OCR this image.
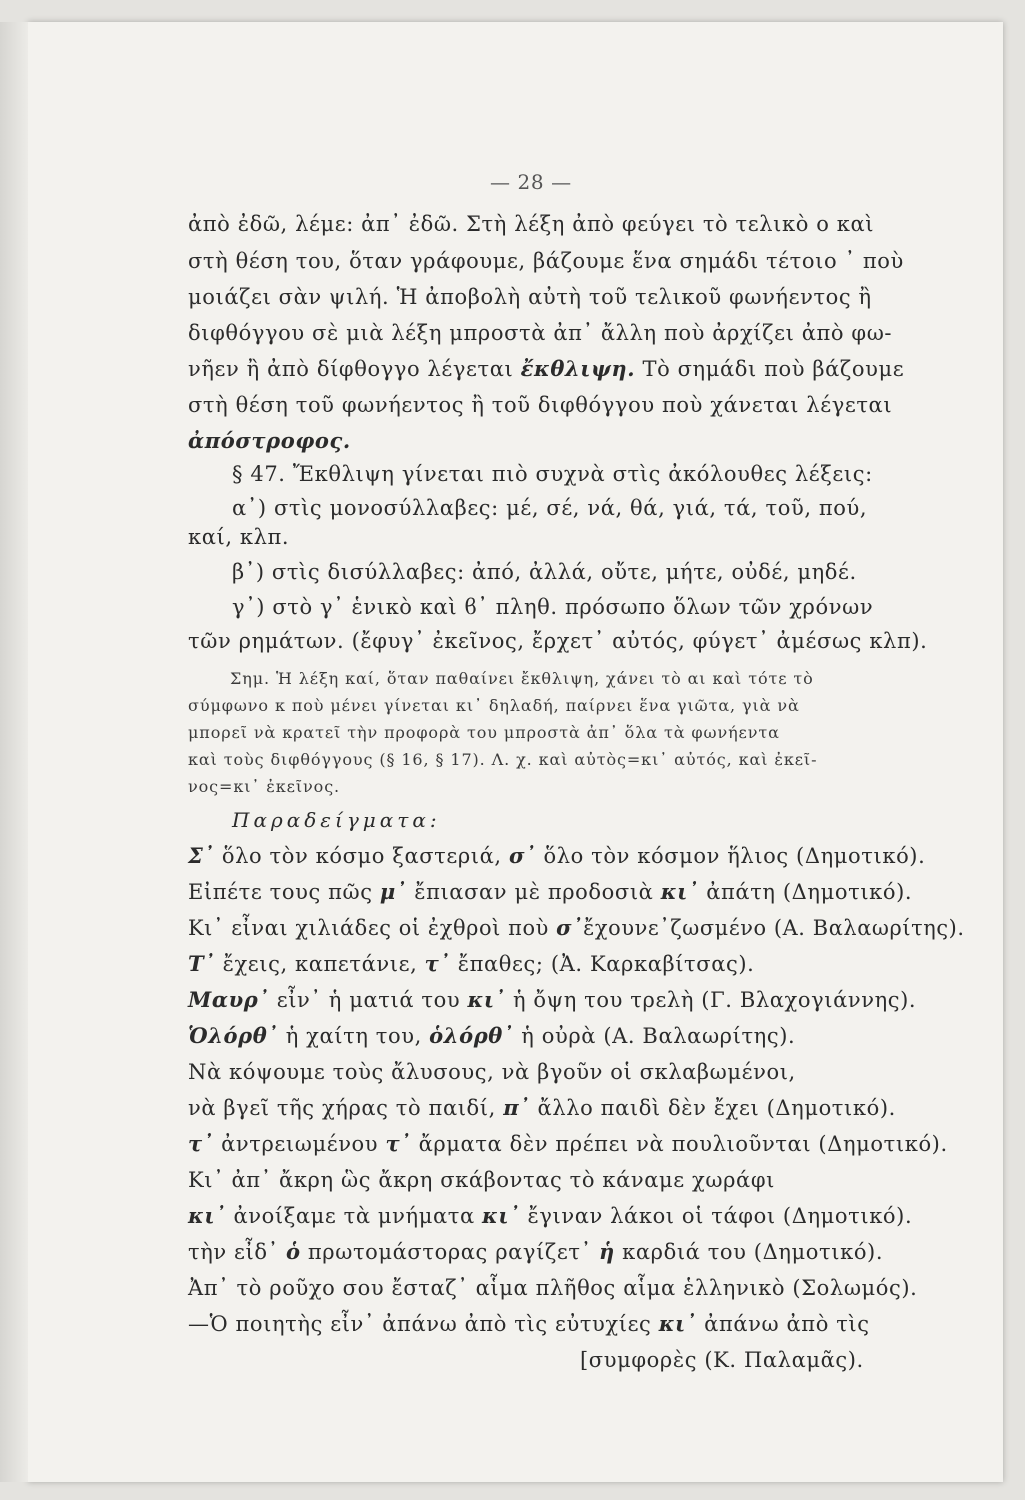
— 28 —
ἀπὸ ἐδῶ, λέμε: ἀπ᾽ ἐδῶ. Στὴ λέξη ἀπὸ φεύγει τὸ τελικὸ ο καὶ
στὴ θέση του, ὅταν γράφουμε, βάζουμε ἕνα σημάδι τέτοιο ᾽ ποὺ
μοιάζει σὰν ψιλή. Ἡ ἀποβολὴ αὐτὴ τοῦ τελικοῦ φωνήεντος ἢ
διφθόγγου σὲ μιὰ λέξη μπροστὰ ἀπ᾽ ἄλλη ποὺ ἀρχίζει ἀπὸ φω-
νῆεν ἢ ἀπὸ δίφθογγο λέγεται ἔκθλιψη. Τὸ σημάδι ποὺ βάζουμε
στὴ θέση τοῦ φωνήεντος ἢ τοῦ διφθόγγου ποὺ χάνεται λέγεται
ἀπόστροφος.
§ 47. Ἔκθλιψη γίνεται πιὸ συχνὰ στὶς ἀκόλουθες λέξεις:
α᾽) στὶς μονοσύλλαβες: μέ, σέ, νά, θά, γιά, τά, τοῦ, πού,
καί, κλπ.
β᾽) στὶς δισύλλαβες: ἀπό, ἀλλά, οὔτε, μήτε, οὐδέ, μηδέ.
γ᾽) στὸ γ᾽ ἑνικὸ καὶ ϐ᾽ πληθ. πρόσωπο ὅλων τῶν χρόνων
τῶν ρημάτων. (ἔφυγ᾽ ἐκεῖνος, ἔρχετ᾽ αὐτός, φύγετ᾽ ἀμέσως κλπ).
Σημ. Ἡ λέξη καί, ὅταν παθαίνει ἔκθλιψη, χάνει τὸ αι καὶ τότε τὸ
σύμφωνο κ ποὺ μένει γίνεται κι᾽ δηλαδή, παίρνει ἕνα γιῶτα, γιὰ νὰ
μπορεῖ νὰ κρατεῖ τὴν προφορὰ του μπροστὰ ἀπ᾽ ὅλα τὰ φωνήεντα
καὶ τοὺς διφθόγγους (§ 16, § 17). Λ. χ. καὶ αὐτὸς=κι᾽ αὐτός, καὶ ἐκεῖ-
νος=κι᾽ ἐκεῖνος.
Παραδείγματα:
Σ᾽ ὅλο τὸν κόσμο ξαστεριά, σ᾽ ὅλο τὸν κόσμον ἥλιος (Δημοτικό).
Εἰπέτε τους πῶς μ᾽ ἔπιασαν μὲ προδοσιὰ κι᾽ ἀπάτη (Δημοτικό).
Κι᾽ εἶναι χιλιάδες οἱ ἐχθροὶ ποὺ σ᾽ἔχουνε᾽ζωσμένο (Α. Βαλαωρίτης).
Τ᾽ ἔχεις, καπετάνιε, τ᾽ ἔπαθες; (Ἀ. Καρκαβίτσας).
Μαυρ᾽ εἶν᾽ ἡ ματιά του κι᾽ ἡ ὄψη του τρελὴ (Γ. Βλαχογιάννης).
Ὁλόρθ᾽ ἡ χαίτη του, ὁλόρθ᾽ ἡ οὐρὰ (Α. Βαλαωρίτης).
Νὰ κόψουμε τοὺς ἄλυσους, νὰ βγοῦν οἱ σκλαβωμένοι,
νὰ βγεῖ τῆς χήρας τὸ παιδί, π᾽ ἄλλο παιδὶ δὲν ἔχει (Δημοτικό).
τ᾽ ἀντρειωμένου τ᾽ ἄρματα δὲν πρέπει νὰ πουλιοῦνται (Δημοτικό).
Κι᾽ ἀπ᾽ ἄκρη ὣς ἄκρη σκάβοντας τὸ κάναμε χωράφι
κι᾽ ἀνοίξαμε τὰ μνήματα κι᾽ ἔγιναν λάκοι οἱ τάφοι (Δημοτικό).
τὴν εἶδ᾽ ὁ πρωτομάστορας ραγίζετ᾽ ἡ καρδιά του (Δημοτικό).
Ἀπ᾽ τὸ ροῦχο σου ἔσταζ᾽ αἷμα πλῆθος αἷμα ἑλληνικὸ (Σολωμός).
—Ὁ ποιητὴς εἶν᾽ ἀπάνω ἀπὸ τὶς εὐτυχίες κι᾽ ἀπάνω ἀπὸ τὶς
[συμφορὲς (Κ. Παλαμᾶς).
